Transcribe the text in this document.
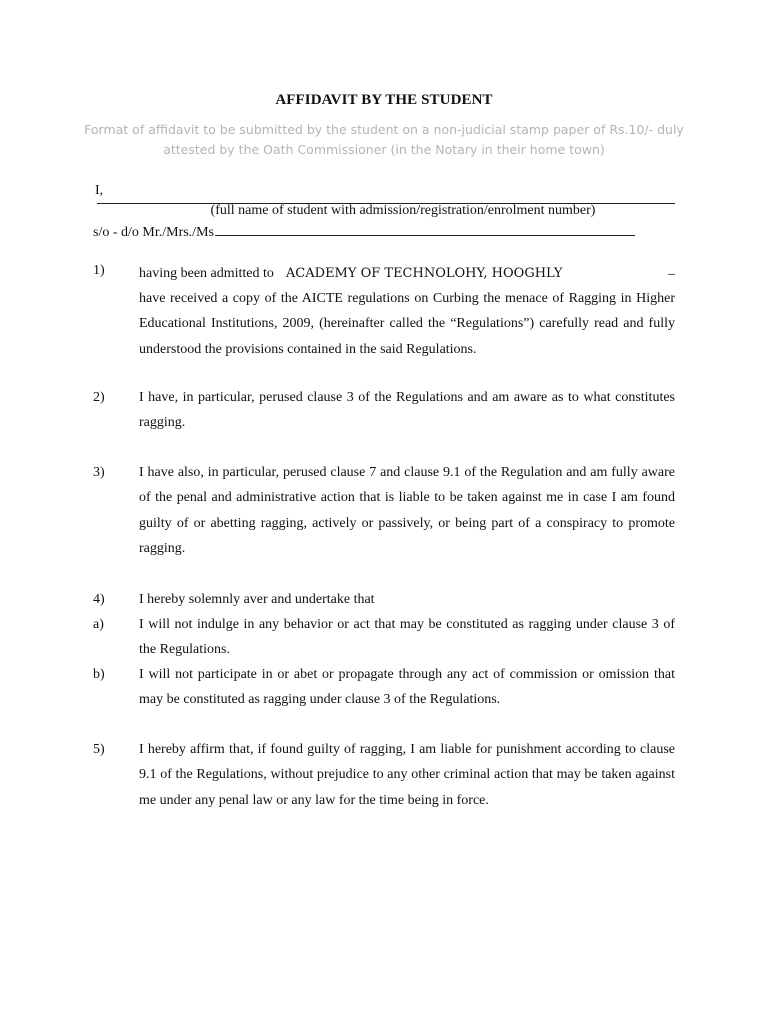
AFFIDAVIT BY THE STUDENT
Format of affidavit to be submitted by the student on a non-judicial stamp paper of Rs.10/- duly attested by the Oath Commissioner (in the Notary in their home town)
I,
(full name of student with admission/registration/enrolment number)
s/o - d/o Mr./Mrs./Ms
1) having been admitted to ACADEMY OF TECHNOLOHY, HOOGHLY
have received a copy of the AICTE regulations on Curbing the menace of Ragging in Higher Educational Institutions, 2009, (hereinafter called the “Regulations”) carefully read and fully understood the provisions contained in the said Regulations.
_
2) I have, in particular, perused clause 3 of the Regulations and am aware as to what constitutes ragging.
3) I have also, in particular, perused clause 7 and clause 9.1 of the Regulation and am fully aware of the penal and administrative action that is liable to be taken against me in case I am found guilty of or abetting ragging, actively or passively, or being part of a conspiracy to promote ragging.
4) I hereby solemnly aver and undertake that
a)	I will not indulge in any behavior or act that may be constituted as ragging under clause 3 of the Regulations.
b) I will not participate in or abet or propagate through any act of commission or omission that may be constituted as ragging under clause 3 of the Regulations.
5) I hereby affirm that, if found guilty of ragging, I am liable for punishment according to clause 9.1 of the Regulations, without prejudice to any other criminal action that may be taken against me under any penal law or any law for the time being in force.
